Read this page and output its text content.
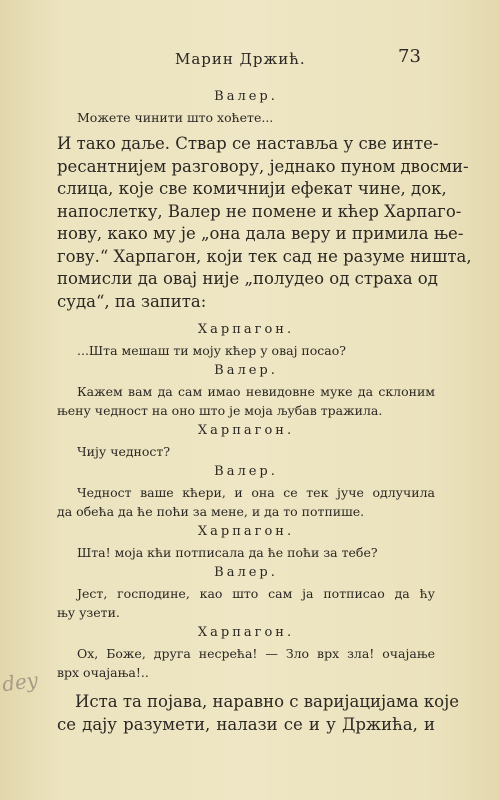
Марин Држић.	73
Валер.
Можете чинити што хоћете...
И тако даље. Ствар се наставља у све инте-
ресантнијем разговору, једнако пуном двосми-
слица, које све комичнији ефекат чине, док,
напослетку, Валер не помене и кћер Харпаго-
нову, како му је „она дала веру и примила ње-
гову.“ Харпагон, који тек сад не разуме ништа,
помисли да овај није „полудео од страха од
суда“, па запита:
Харпагон.
...Шта мешаш ти моју кћер у овај посао?
Валер.
Кажем вам да сам имао невидовне муке да склоним
њену чедност на оно што је моја љубав тражила.
Харпагон.
Чију чедност?
Валер.
Чедност ваше кћери, и она се тек јуче одлучила
да обећа да ће поћи за мене, и да то потпише.
Харпагон.
Шта! моја кћи потписала да ће поћи за тебе?
Валер.
Јест, господине, као што сам ја потписао да ћу
њу узети.
Харпагон.
Ох, Боже, друга несрећа! — Зло врх зла! очајање
врх очајања!..
Иста та појава, наравно с варијацијама које
се дају разумети, налази се и у Држића, и
dey
